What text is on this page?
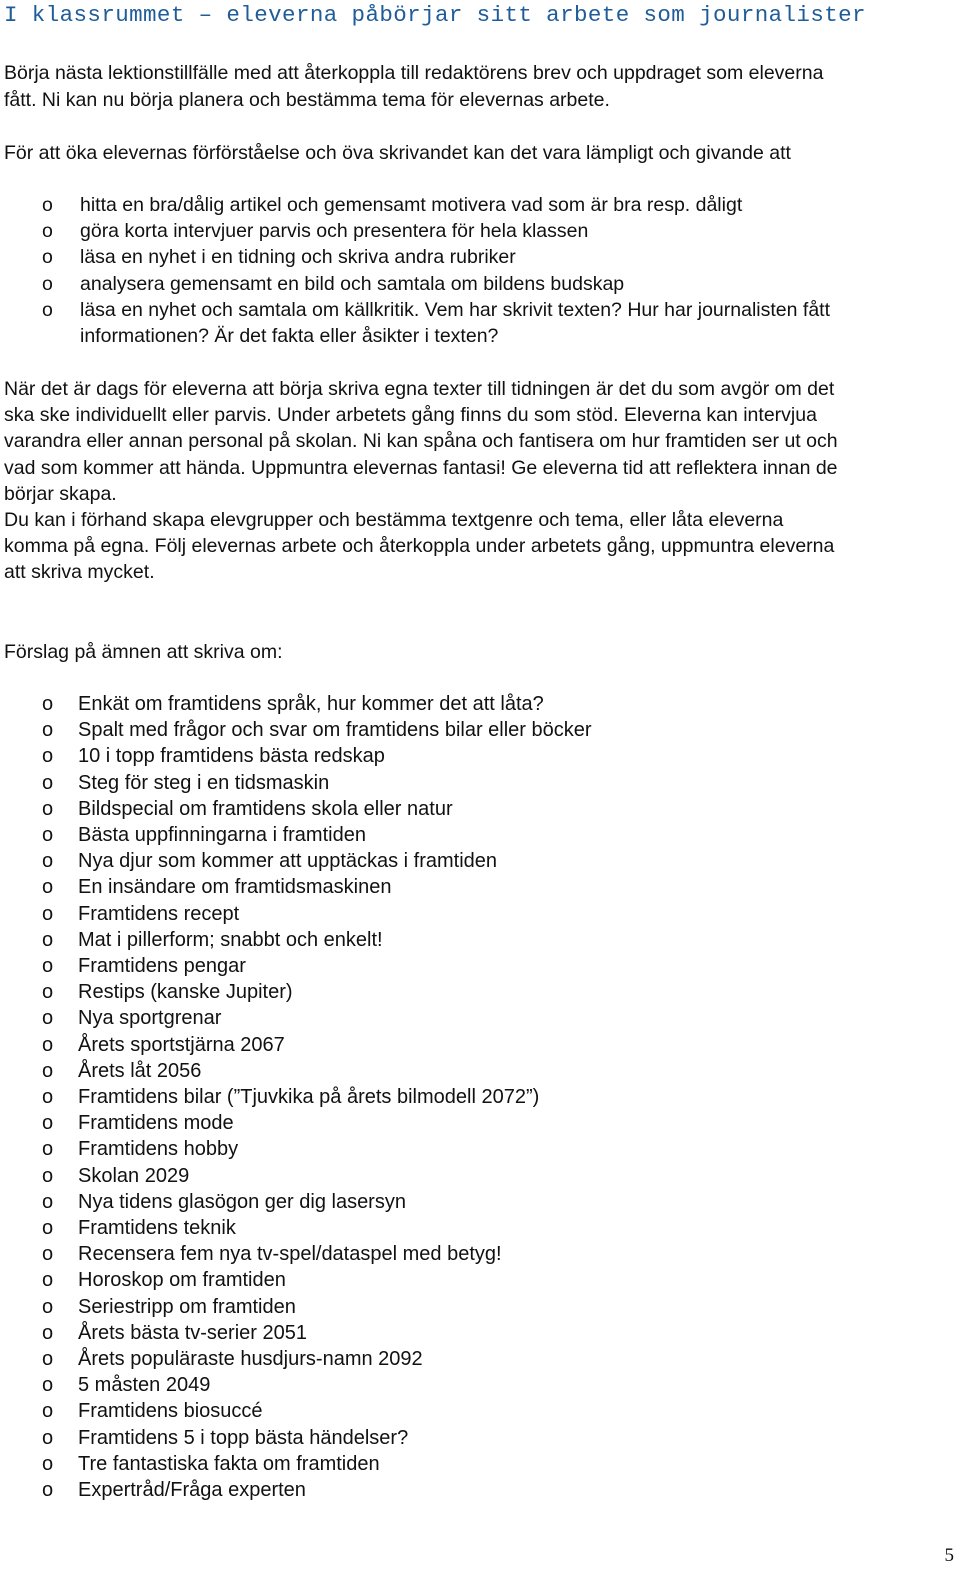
I klassrummet – eleverna påbörjar sitt arbete som journalister

Börja nästa lektionstillfälle med att återkoppla till redaktörens brev och uppdraget som eleverna

fått. Ni kan nu börja planera och bestämma tema för elevernas arbete.

För att öka elevernas förförståelse och öva skrivandet kan det vara lämpligt och givande att

o hitta en bra/dålig artikel och gemensamt motivera vad som är bra resp. dåligt
o göra korta intervjuer parvis och presentera för hela klassen
o läsa en nyhet i en tidning och skriva andra rubriker
o analysera gemensamt en bild och samtala om bildens budskap
o läsa en nyhet och samtala om källkritik. Vem har skrivit texten? Hur har journalisten fått
informationen? Är det fakta eller åsikter i texten?

När det är dags för eleverna att börja skriva egna texter till tidningen är det du som avgör om det

ska ske individuellt eller parvis. Under arbetets gång finns du som stöd. Eleverna kan intervjua

varandra eller annan personal på skolan. Ni kan spåna och fantisera om hur framtiden ser ut och

vad som kommer att hända. Uppmuntra elevernas fantasi! Ge eleverna tid att reflektera innan de

börjar skapa.

Du kan i förhand skapa elevgrupper och bestämma textgenre och tema, eller låta eleverna

komma på egna. Följ elevernas arbete och återkoppla under arbetets gång, uppmuntra eleverna

att skriva mycket.

Förslag på ämnen att skriva om:

o Enkät om framtidens språk, hur kommer det att låta?
o Spalt med frågor och svar om framtidens bilar eller böcker
o 10 i topp framtidens bästa redskap
o Steg för steg i en tidsmaskin
o Bildspecial om framtidens skola eller natur
o Bästa uppfinningarna i framtiden
o Nya djur som kommer att upptäckas i framtiden
o En insändare om framtidsmaskinen
o Framtidens recept
o Mat i pillerform; snabbt och enkelt!
o Framtidens pengar
o Restips (kanske Jupiter)
o Nya sportgrenar
o Årets sportstjärna 2067
o Årets låt 2056
o Framtidens bilar (”Tjuvkika på årets bilmodell 2072”)
o Framtidens mode
o Framtidens hobby
o Skolan 2029
o Nya tidens glasögon ger dig lasersyn
o Framtidens teknik
o Recensera fem nya tv-spel/dataspel med betyg!
o Horoskop om framtiden
o Seriestripp om framtiden
o Årets bästa tv-serier 2051
o Årets populäraste husdjurs-namn 2092
o 5 måsten 2049
o Framtidens biosuccé
o Framtidens 5 i topp bästa händelser?
o Tre fantastiska fakta om framtiden
o Expertråd/Fråga experten
5
